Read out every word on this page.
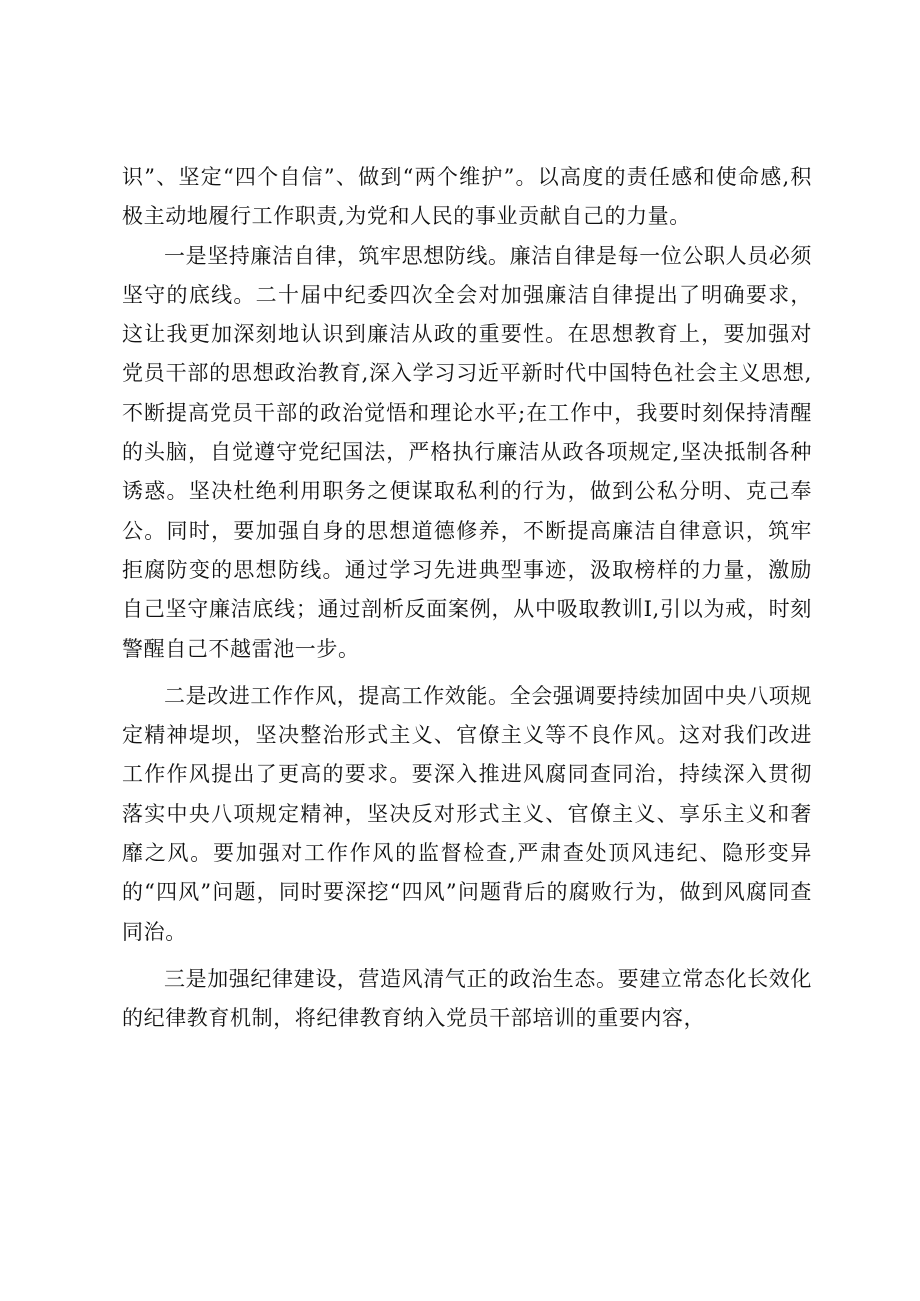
识”、坚定“四个自信”、做到“两个维护”。以高度的责任感和使命感,积极主动地履行工作职责,为党和人民的事业贡献自己的力量。

一是坚持廉洁自律，筑牢思想防线。廉洁自律是每一位公职人员必须坚守的底线。二十届中纪委四次全会对加强廉洁自律提出了明确要求，这让我更加深刻地认识到廉洁从政的重要性。在思想教育上，要加强对党员干部的思想政治教育,深入学习习近平新时代中国特色社会主义思想,不断提高党员干部的政治觉悟和理论水平;在工作中，我要时刻保持清醒的头脑，自觉遵守党纪国法，严格执行廉洁从政各项规定,坚决抵制各种诱惑。坚决杜绝利用职务之便谋取私利的行为，做到公私分明、克己奉公。同时，要加强自身的思想道德修养，不断提高廉洁自律意识，筑牢拒腐防变的思想防线。通过学习先进典型事迹，汲取榜样的力量，激励自己坚守廉洁底线；通过剖析反面案例，从中吸取教训I,引以为戒，时刻警醒自己不越雷池一步。

二是改进工作作风，提高工作效能。全会强调要持续加固中央八项规定精神堤坝，坚决整治形式主义、官僚主义等不良作风。这对我们改进工作作风提出了更高的要求。要深入推进风腐同查同治，持续深入贯彻落实中央八项规定精神，坚决反对形式主义、官僚主义、享乐主义和奢靡之风。要加强对工作作风的监督检查,严肃查处顶风违纪、隐形变异的“四风”问题，同时要深挖“四风”问题背后的腐败行为，做到风腐同查同治。

三是加强纪律建设，营造风清气正的政治生态。要建立常态化长效化的纪律教育机制，将纪律教育纳入党员干部培训的重要内容，
